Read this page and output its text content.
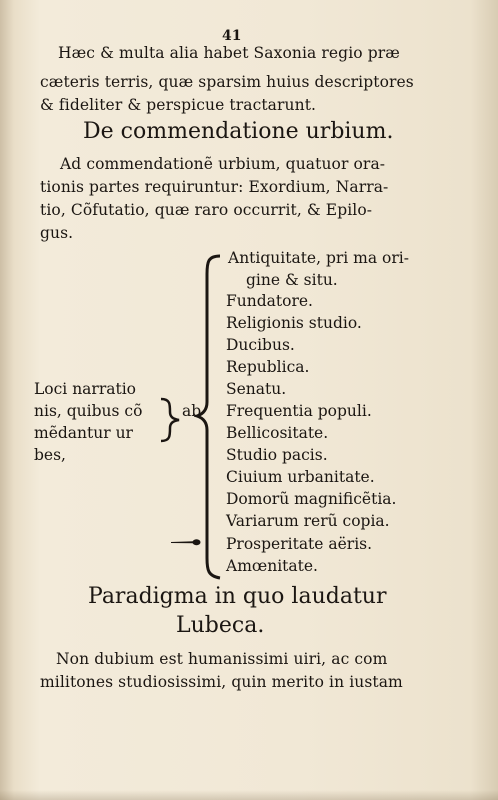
41
Hæc & multa alia habet Saxonia regio præ
cæteris terris, quæ sparsim huius descriptores
& fideliter & perspicue tractarunt.
De commendatione urbium.
Ad commendationẽ urbium, quatuor ora-
tionis partes requiruntur: Exordium, Narra-
tio, Cõfutatio, quæ raro occurrit, & Epilo-
gus.
Loci narratio
nis, quibus cõ
mẽdantur ur
bes,
ab
Antiquitate, pri ma ori-
gine & situ.
Fundatore.
Religionis studio.
Ducibus.
Republica.
Senatu.
Frequentia populi.
Bellicositate.
Studio pacis.
Ciuium urbanitate.
Domorũ magnificẽtia.
Variarum rerũ copia.
Prosperitate aëris.
Amœnitate.
Paradigma in quo laudatur
Lubeca.
Non dubium est humanissimi uiri, ac com
militones studiosissimi, quin merito in iustam
